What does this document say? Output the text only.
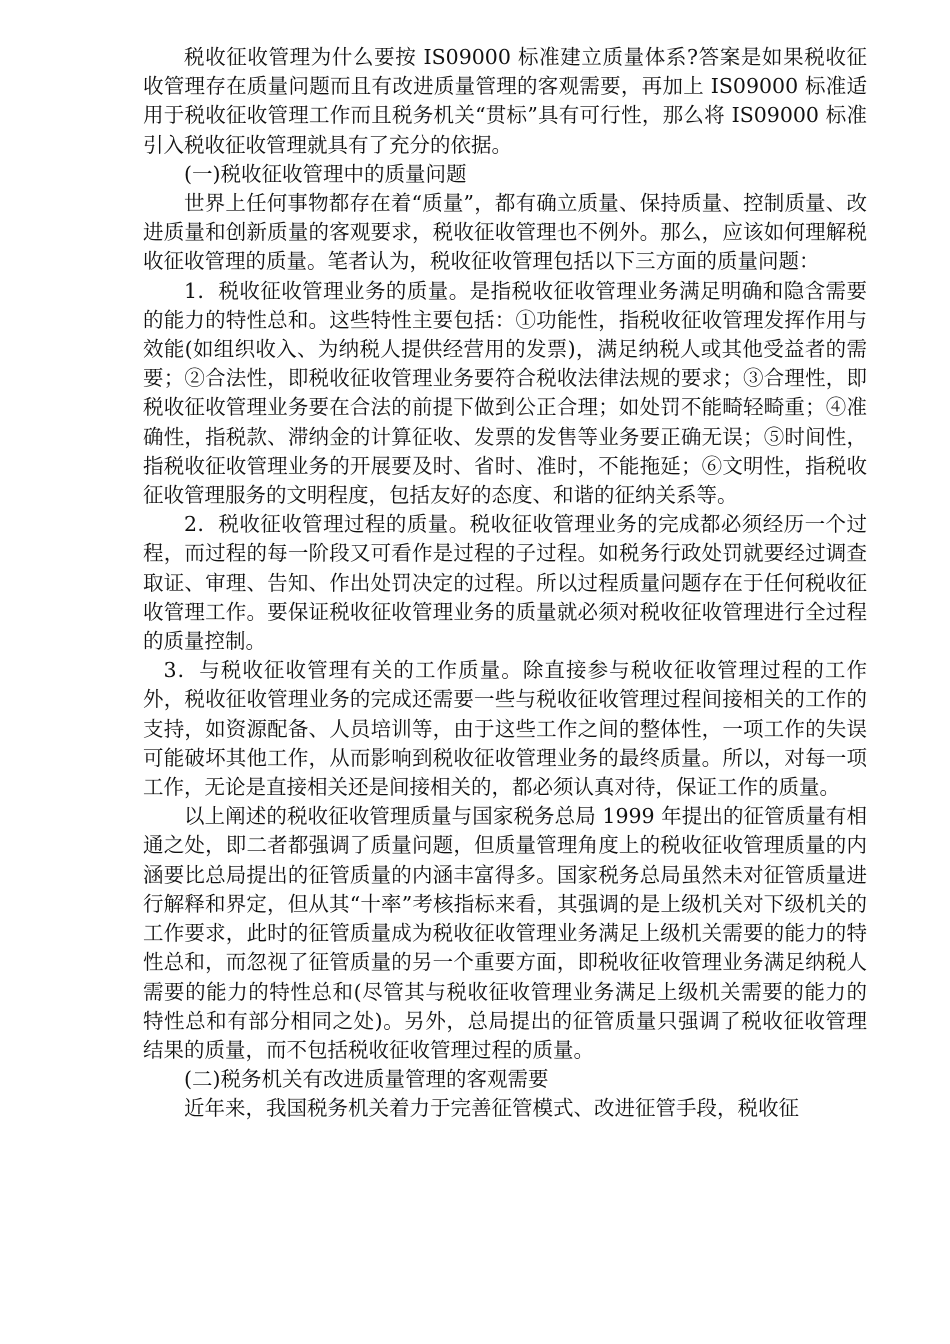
税收征收管理为什么要按 IS09000 标准建立质量体系?答案是如果税收征收管理存在质量问题而且有改进质量管理的客观需要，再加上 IS09000 标准适用于税收征收管理工作而且税务机关“贯标”具有可行性，那么将 IS09000 标准引入税收征收管理就具有了充分的依据。

(一)税收征收管理中的质量问题

世界上任何事物都存在着“质量”，都有确立质量、保持质量、控制质量、改进质量和创新质量的客观要求，税收征收管理也不例外。那么，应该如何理解税收征收管理的质量。笔者认为，税收征收管理包括以下三方面的质量问题：

1．税收征收管理业务的质量。是指税收征收管理业务满足明确和隐含需要的能力的特性总和。这些特性主要包括：①功能性，指税收征收管理发挥作用与效能(如组织收入、为纳税人提供经营用的发票)，满足纳税人或其他受益者的需要；②合法性，即税收征收管理业务要符合税收法律法规的要求；③合理性，即税收征收管理业务要在合法的前提下做到公正合理；如处罚不能畸轻畸重；④准确性，指税款、滞纳金的计算征收、发票的发售等业务要正确无误；⑤时间性，指税收征收管理业务的开展要及时、省时、准时，不能拖延；⑥文明性，指税收征收管理服务的文明程度，包括友好的态度、和谐的征纳关系等。

2．税收征收管理过程的质量。税收征收管理业务的完成都必须经历一个过程，而过程的每一阶段又可看作是过程的子过程。如税务行政处罚就要经过调查取证、审理、告知、作出处罚决定的过程。所以过程质量问题存在于任何税收征收管理工作。要保证税收征收管理业务的质量就必须对税收征收管理进行全过程的质量控制。

3．与税收征收管理有关的工作质量。除直接参与税收征收管理过程的工作外，税收征收管理业务的完成还需要一些与税收征收管理过程间接相关的工作的支持，如资源配备、人员培训等，由于这些工作之间的整体性，一项工作的失误可能破坏其他工作，从而影响到税收征收管理业务的最终质量。所以，对每一项工作，无论是直接相关还是间接相关的，都必须认真对待，保证工作的质量。

以上阐述的税收征收管理质量与国家税务总局 1999 年提出的征管质量有相通之处，即二者都强调了质量问题，但质量管理角度上的税收征收管理质量的内涵要比总局提出的征管质量的内涵丰富得多。国家税务总局虽然未对征管质量进行解释和界定，但从其“十率”考核指标来看，其强调的是上级机关对下级机关的工作要求，此时的征管质量成为税收征收管理业务满足上级机关需要的能力的特性总和，而忽视了征管质量的另一个重要方面，即税收征收管理业务满足纳税人需要的能力的特性总和(尽管其与税收征收管理业务满足上级机关需要的能力的特性总和有部分相同之处)。另外，总局提出的征管质量只强调了税收征收管理结果的质量，而不包括税收征收管理过程的质量。

(二)税务机关有改进质量管理的客观需要

近年来，我国税务机关着力于完善征管模式、改进征管手段，税收征
